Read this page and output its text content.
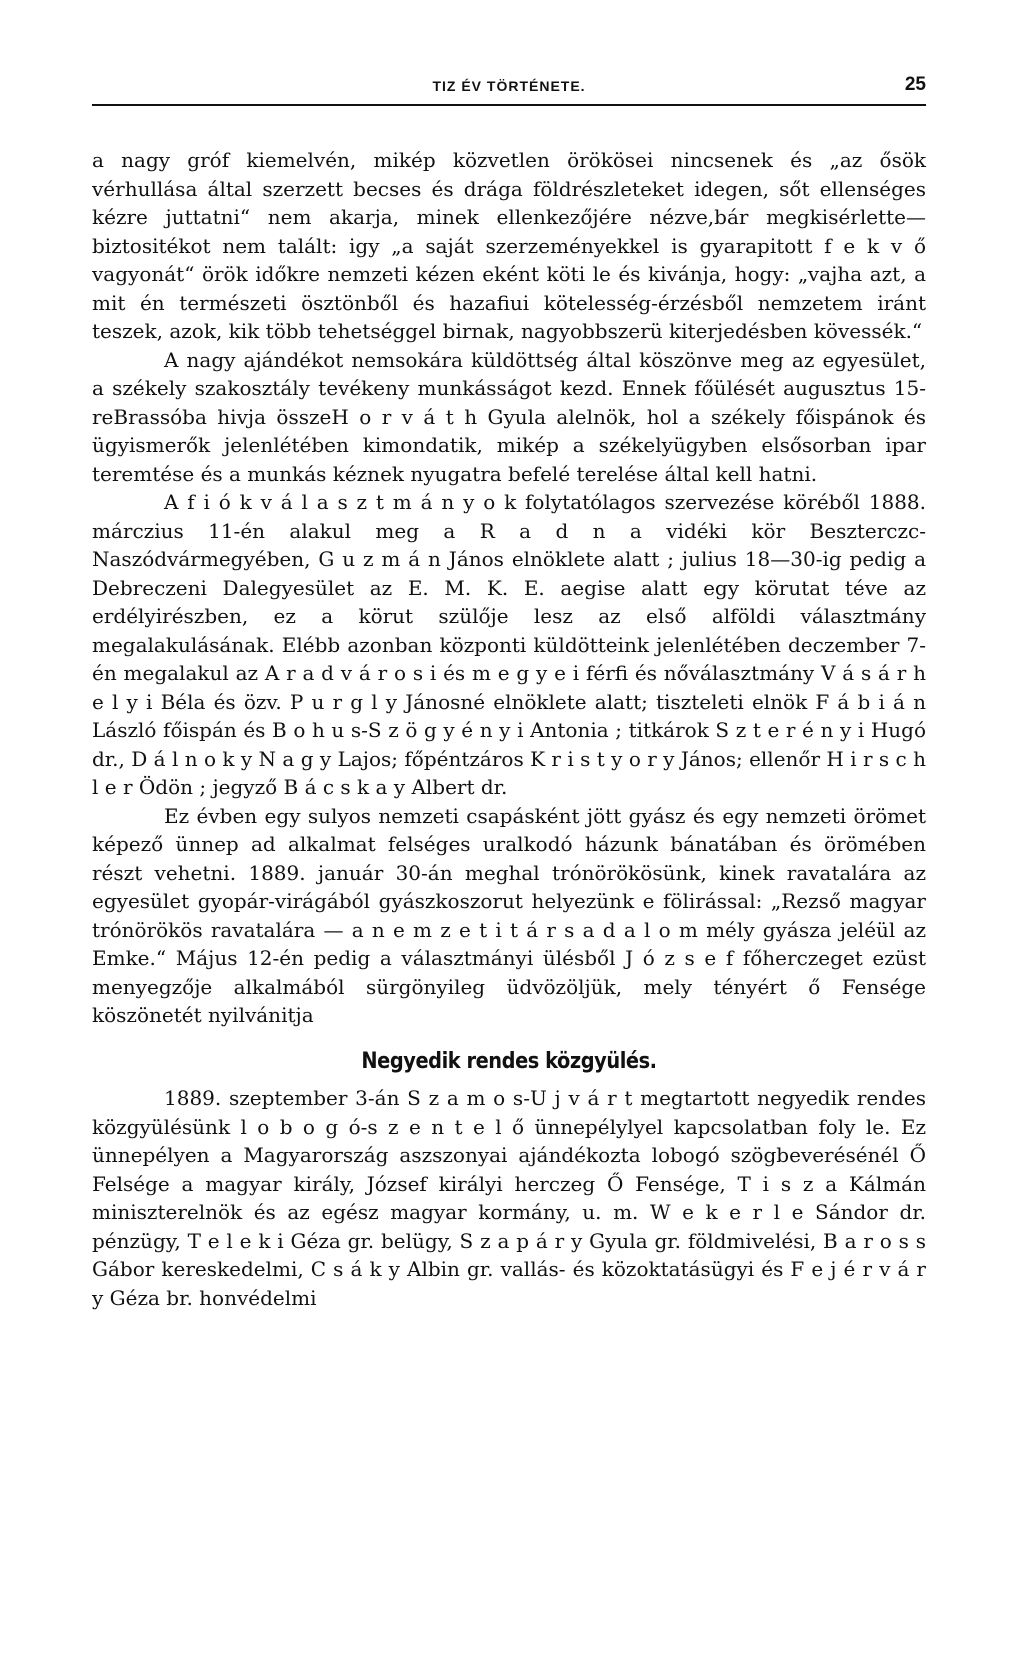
TIZ ÉV TÖRTÉNETE.	25

a nagy gróf kiemelvén, mikép közvetlen örökösei nincsenek és „az ősök vérhullása által szerzett becses és drága földrészleteket idegen, sőt ellenséges kézre juttatni“ nem akarja, minek ellenkezőjére nézve,bár megkisérlette—biztositékot nem talált: igy „a saját szerzeményekkel is gyarapitott f e k v ő vagyonát“ örök időkre nemzeti kézen eként köti le és kivánja, hogy: „vajha azt, a mit én természeti ösztönből és hazafiui kötelesség-érzésből nemzetem iránt teszek, azok, kik több tehetséggel birnak, nagyobbszerü kiterjedésben kövessék.“

A nagy ajándékot nemsokára küldöttség által köszönve meg az egyesület, a székely szakosztály tevékeny munkásságot kezd. Ennek főülését augusztus 15-reBrassóba hivja összeH o r v á t h Gyula alelnök, hol a székely főispánok és ügyismerők jelenlétében kimondatik, mikép a székelyügyben elsősorban ipar teremtése és a munkás kéznek nyugatra befelé terelése által kell hatni.

A f i ó k v á l a s z t m á n y o k folytatólagos szervezése köréből 1888. márczius 11-én alakul meg a R a d n a vidéki kör Beszterczc-Naszódvármegyében, G u z m á n János elnöklete alatt ; julius 18—30-ig pedig a Debreczeni Dalegyesület az E. M. K. E. aegise alatt egy körutat téve az erdélyirészben, ez a körut szülője lesz az első alföldi választmány megalakulásának. Elébb azonban központi küldötteink jelenlétében deczember 7-én megalakul az A r a d v á r o s i és m e g y e i férfi és nőválasztmány V á s á r h e l y i Béla és özv. P u r g l y Jánosné elnöklete alatt; tiszteleti elnök F á b i á n László főispán és B o h u s-S z ö g y é n y i Antonia ; titkárok S z t e r é n y i Hugó dr., D á l n o k y N a g y Lajos; főpéntzáros K r i s t y o r y János; ellenőr H i r s c h l e r Ödön ; jegyző B á c s k a y Albert dr.

Ez évben egy sulyos nemzeti csapásként jött gyász és egy nemzeti örömet képező ünnep ad alkalmat felséges uralkodó házunk bánatában és örömében részt vehetni. 1889. január 30-án meghal trónörökösünk, kinek ravatalára az egyesület gyopár-virágából gyászkoszorut helyezünk e fölirással: „Rezső magyar trónörökös ravatalára — a n e m z e t i t á r s a d a l o m mély gyásza jeléül az Emke.“ Május 12-én pedig a választmányi ülésből J ó z s e f főherczeget ezüst menyegzője alkalmából sürgönyileg üdvözöljük, mely tényért ő Fensége köszönetét nyilvánitja

Negyedik rendes közgyülés.

1889. szeptember 3-án S z a m o s-U j v á r t megtartott negyedik rendes közgyülésünk l o b o g ó-s z e n t e l ő ünnepélylyel kapcsolatban foly le. Ez ünnepélyen a Magyarország aszszonyai ajándékozta lobogó szögbeverésénél Ő Felsége a magyar király, József királyi herczeg Ő Fensége, T i s z a Kálmán miniszterelnök és az egész magyar kormány, u. m. W e k e r l e Sándor dr. pénzügy, T e l e k i Géza gr. belügy, S z a p á r y Gyula gr. földmivelési, B a r o s s Gábor kereskedelmi, C s á k y Albin gr. vallás- és közoktatásügyi és F e j é r v á r y Géza br. honvédelmi
